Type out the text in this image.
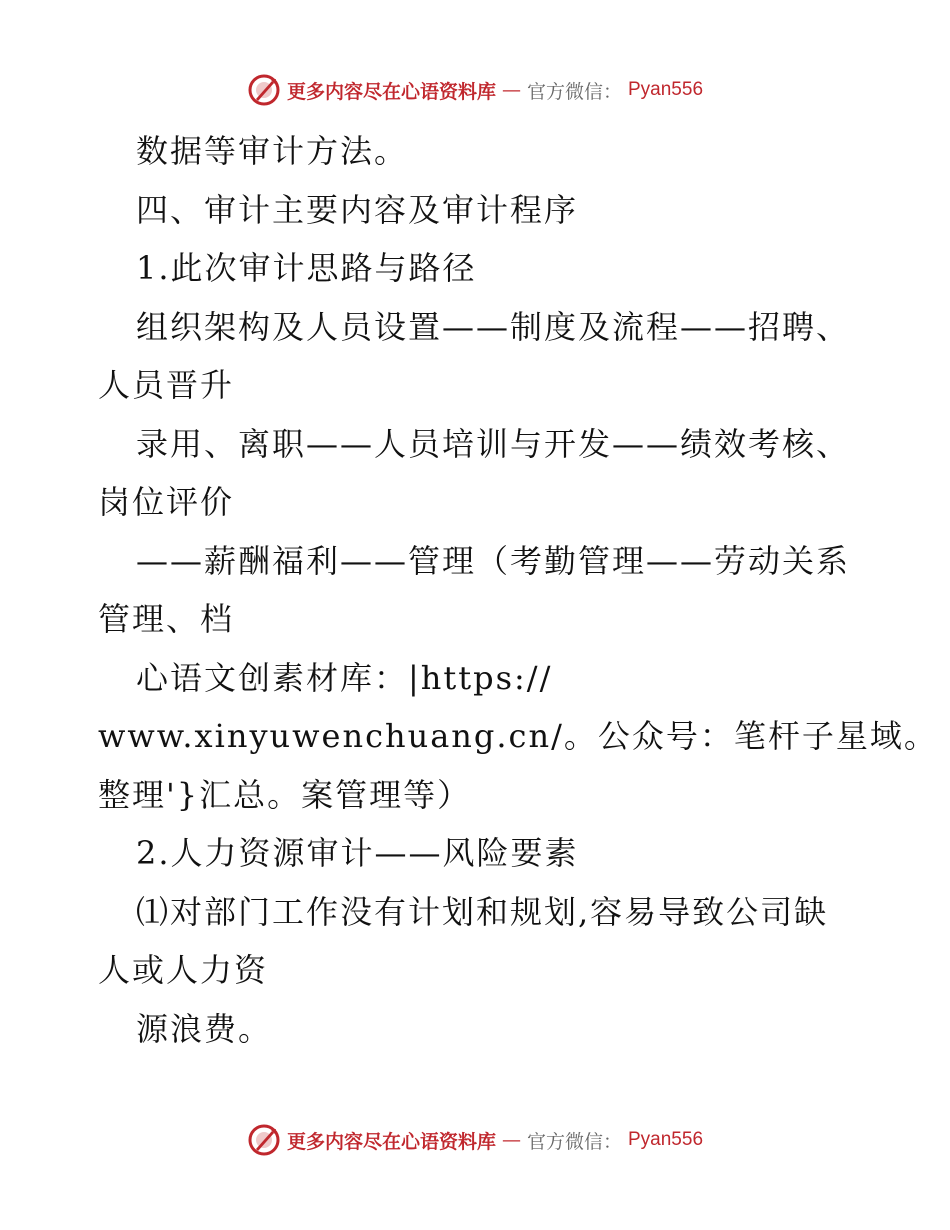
更多内容尽在心语资料库 — 官方微信： Pyan556
数据等审计方法。
四、审计主要内容及审计程序
1.此次审计思路与路径
组织架构及人员设置——制度及流程——招聘、
人员晋升
录用、离职——人员培训与开发——绩效考核、
岗位评价
——薪酬福利——管理（考勤管理——劳动关系
管理、档
心语文创素材库：|https://
www.xinyuwenchuang.cn/。公众号：笔杆子星域。
整理'}汇总。案管理等）
2.人力资源审计——风险要素
⑴对部门工作没有计划和规划,容易导致公司缺
人或人力资
源浪费。
更多内容尽在心语资料库 — 官方微信： Pyan556
